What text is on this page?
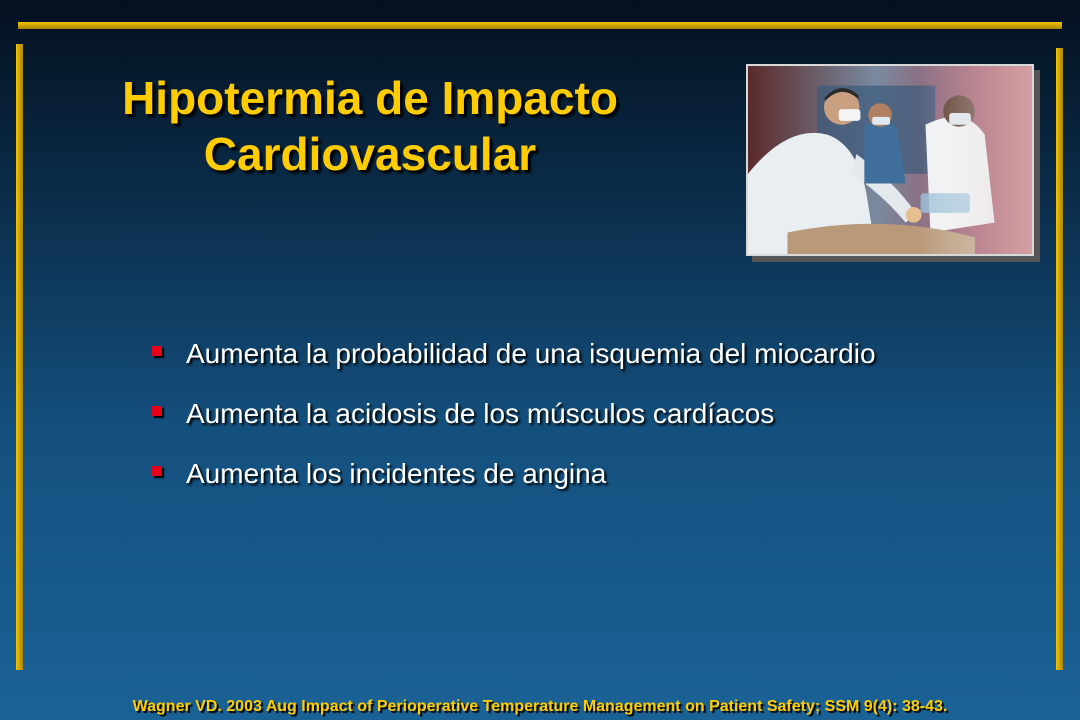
Hipotermia de Impacto
Cardiovascular
Aumenta la probabilidad de una isquemia del miocardio
Aumenta la acidosis de los músculos cardíacos
Aumenta los incidentes de angina
Wagner VD. 2003 Aug Impact of Perioperative Temperature Management on Patient Safety; SSM 9(4): 38-43.
